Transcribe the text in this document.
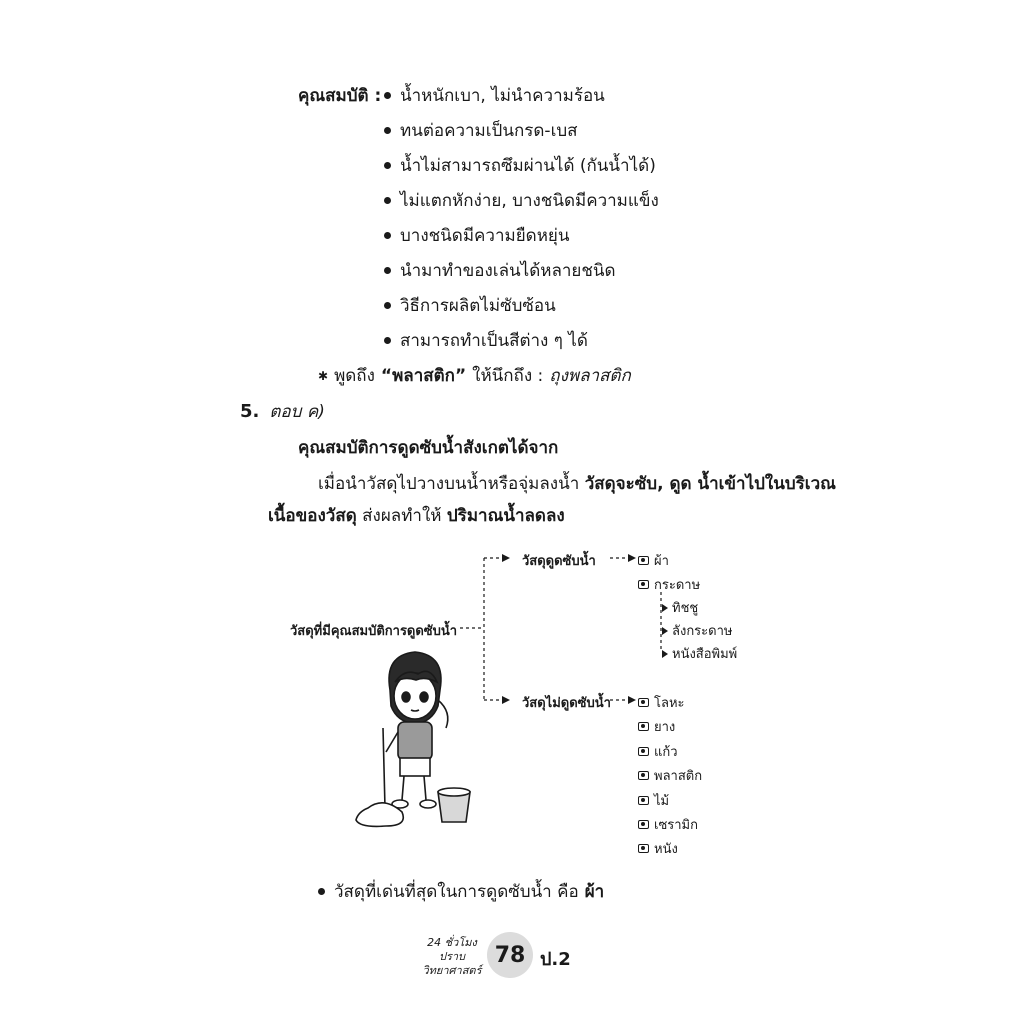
คุณสมบัติ : น้ำหนักเบา, ไม่นำความร้อน
ทนต่อความเป็นกรด-เบส
น้ำไม่สามารถซึมผ่านได้ (กันน้ำได้)
ไม่แตกหักง่าย, บางชนิดมีความแข็ง
บางชนิดมีความยืดหยุ่น
นำมาทำของเล่นได้หลายชนิด
วิธีการผลิตไม่ซับซ้อน
สามารถทำเป็นสีต่าง ๆ ได้
✱ พูดถึง “พลาสติก” ให้นึกถึง : ถุงพลาสติก
5. ตอบ ค)
คุณสมบัติการดูดซับน้ำสังเกตได้จาก
เมื่อนำวัสดุไปวางบนน้ำหรือจุ่มลงน้ำ วัสดุจะซับ, ดูด น้ำเข้าไปในบริเวณ
เนื้อของวัสดุ ส่งผลทำให้ ปริมาณน้ำลดลง
วัสดุที่มีคุณสมบัติการดูดซับน้ำ
วัสดุดูดซับน้ำ
วัสดุไม่ดูดซับน้ำ
ผ้า
กระดาษ
ทิชชู
ลังกระดาษ
หนังสือพิมพ์
โลหะ
ยาง
แก้ว
พลาสติก
ไม้
เซรามิก
หนัง
วัสดุที่เด่นที่สุดในการดูดซับน้ำ คือ ผ้า
24 ชั่วโมง
ปราบ
วิทยาศาสตร์
78 ป.2
